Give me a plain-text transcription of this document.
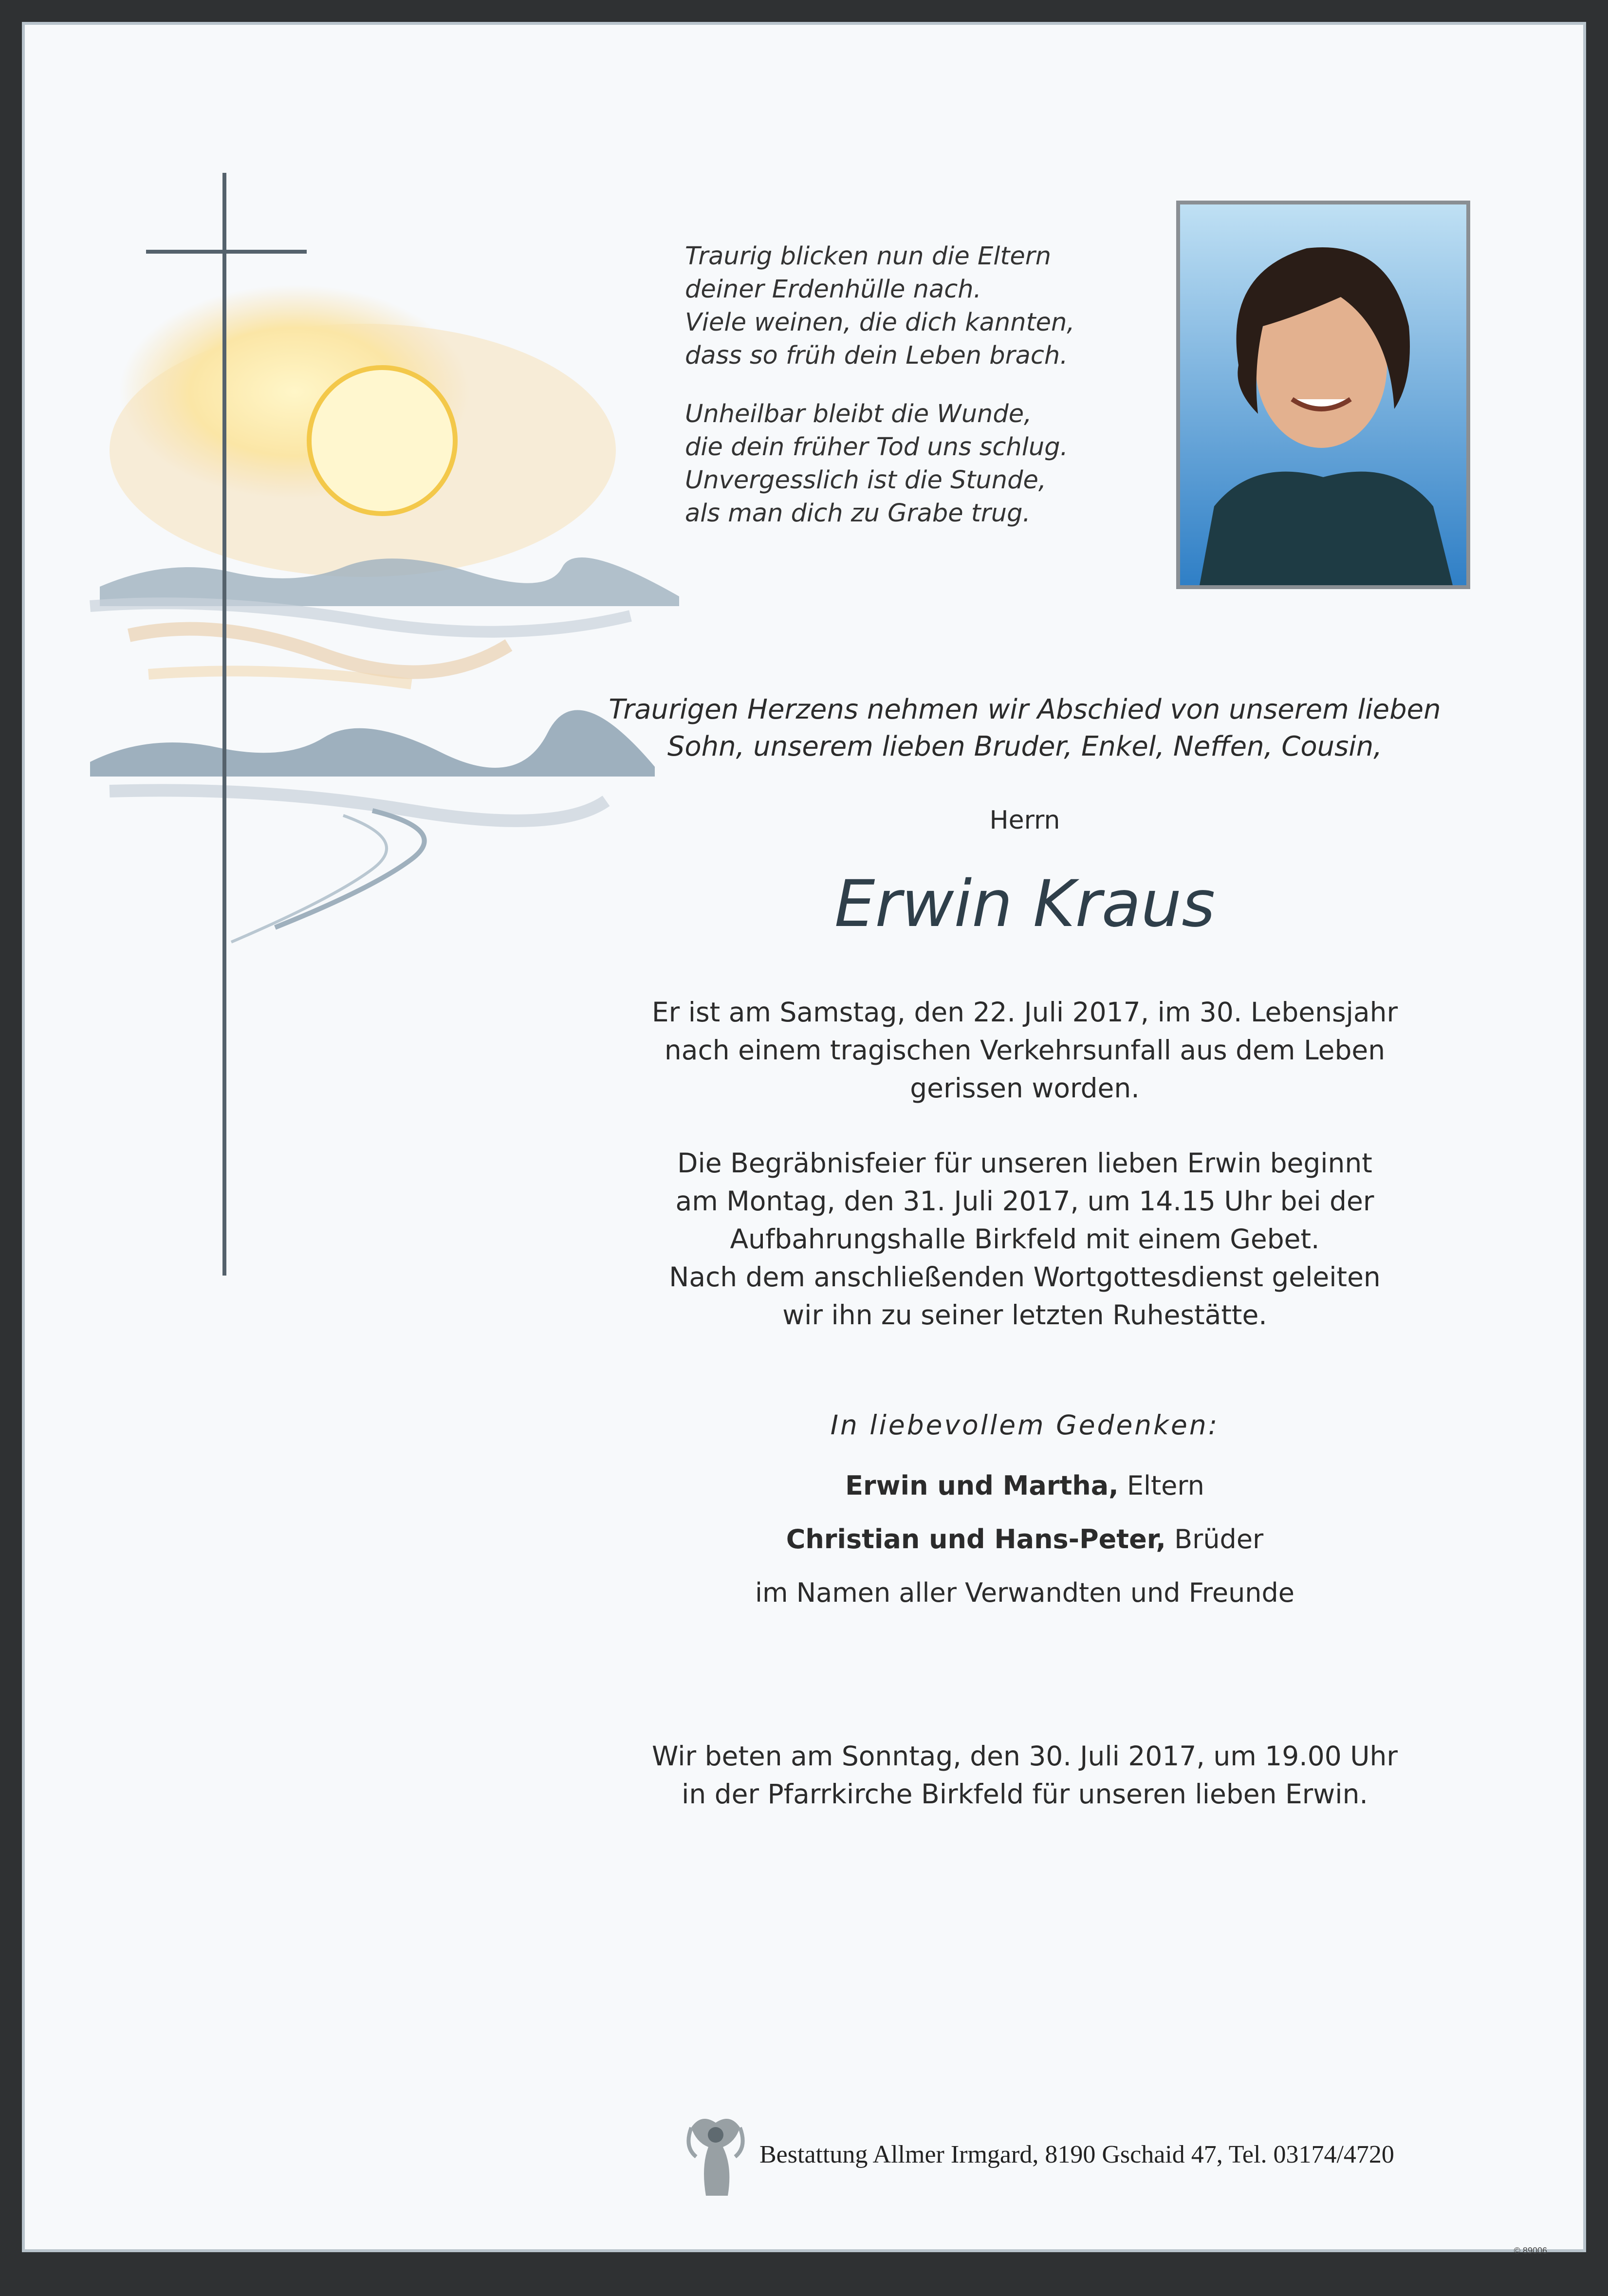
Traurig blicken nun die Eltern
deiner Erdenhülle nach.
Viele weinen, die dich kannten,
dass so früh dein Leben brach.

Unheilbar bleibt die Wunde,
die dein früher Tod uns schlug.
Unvergesslich ist die Stunde,
als man dich zu Grabe trug.

Traurigen Herzens nehmen wir Abschied von unserem lieben
Sohn, unserem lieben Bruder, Enkel, Neffen, Cousin,
Herrn
Erwin Kraus
Er ist am Samstag, den 22. Juli 2017, im 30. Lebensjahr
nach einem tragischen Verkehrsunfall aus dem Leben
gerissen worden.
Die Begräbnisfeier für unseren lieben Erwin beginnt
am Montag, den 31. Juli 2017, um 14.15 Uhr bei der
Aufbahrungshalle Birkfeld mit einem Gebet.
Nach dem anschließenden Wortgottesdienst geleiten
wir ihn zu seiner letzten Ruhestätte.
In liebevollem Gedenken:
Erwin und Martha, Eltern
Christian und Hans-Peter, Brüder
im Namen aller Verwandten und Freunde
Wir beten am Sonntag, den 30. Juli 2017, um 19.00 Uhr
in der Pfarrkirche Birkfeld für unseren lieben Erwin.
Bestattung Allmer Irmgard, 8190 Gschaid 47, Tel. 03174/4720
© 89006
